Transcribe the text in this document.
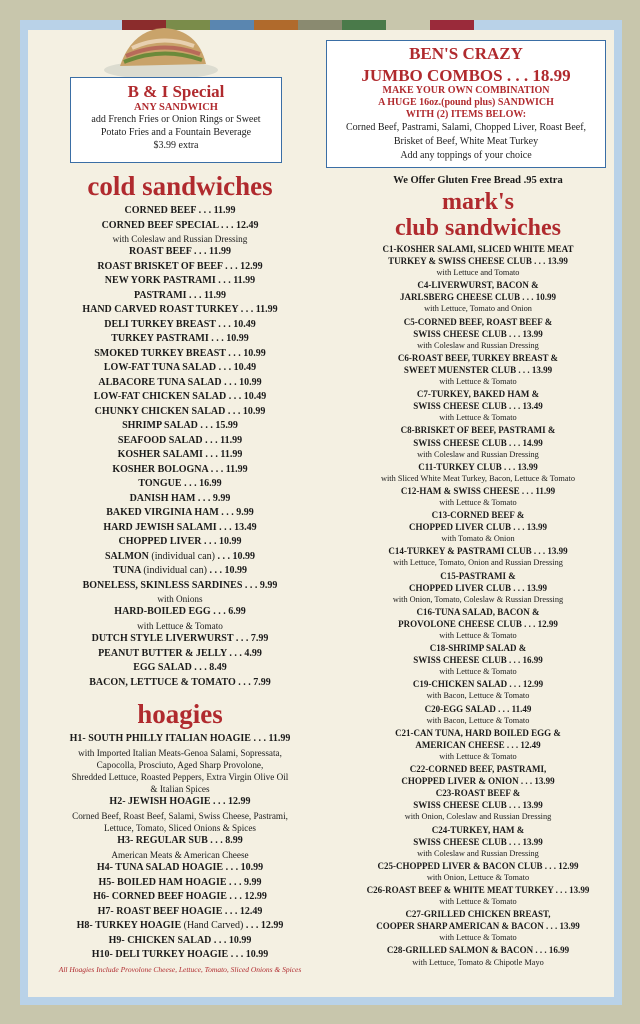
B & I Special
ANY SANDWICH
add French Fries or Onion Rings or Sweet
Potato Fries and a Fountain Beverage
$3.99 extra
BEN'S CRAZY
JUMBO COMBOS . . . 18.99
MAKE YOUR OWN COMBINATION
A HUGE 16oz.(pound plus) SANDWICH
WITH (2) ITEMS BELOW:
Corned Beef, Pastrami, Salami, Chopped Liver, Roast Beef,
Brisket of Beef, White Meat Turkey
Add any toppings of your choice
cold sandwiches
CORNED BEEF . . . 11.99
CORNED BEEF SPECIAL . . . 12.49
with Coleslaw and Russian Dressing
ROAST BEEF . . . 11.99
ROAST BRISKET OF BEEF . . . 12.99
NEW YORK PASTRAMI . . . 11.99
PASTRAMI . . . 11.99
HAND CARVED ROAST TURKEY . . . 11.99
DELI TURKEY BREAST . . . 10.49
TURKEY PASTRAMI . . . 10.99
SMOKED TURKEY BREAST . . . 10.99
LOW-FAT TUNA SALAD . . . 10.49
ALBACORE TUNA SALAD . . . 10.99
LOW-FAT CHICKEN SALAD . . . 10.49
CHUNKY CHICKEN SALAD . . . 10.99
SHRIMP SALAD . . . 15.99
SEAFOOD SALAD . . . 11.99
KOSHER SALAMI . . . 11.99
KOSHER BOLOGNA . . . 11.99
TONGUE . . . 16.99
DANISH HAM . . . 9.99
BAKED VIRGINIA HAM . . . 9.99
HARD JEWISH SALAMI . . . 13.49
CHOPPED LIVER . . . 10.99
SALMON (individual can) . . . 10.99
TUNA (individual can) . . . 10.99
BONELESS, SKINLESS SARDINES . . . 9.99
with Onions
HARD-BOILED EGG . . . 6.99
with Lettuce & Tomato
DUTCH STYLE LIVERWURST . . . 7.99
PEANUT BUTTER & JELLY . . . 4.99
EGG SALAD . . . 8.49
BACON, LETTUCE & TOMATO . . . 7.99
hoagies
H1- SOUTH PHILLY ITALIAN HOAGIE . . . 11.99
with Imported Italian Meats-Genoa Salami, Sopressata,
Capocolla, Prosciuto, Aged Sharp Provolone,
Shredded Lettuce, Roasted Peppers, Extra Virgin Olive Oil
& Italian Spices
H2- JEWISH HOAGIE . . . 12.99
Corned Beef, Roast Beef, Salami, Swiss Cheese, Pastrami,
Lettuce, Tomato, Sliced Onions & Spices
H3- REGULAR SUB . . . 8.99
American Meats & American Cheese
H4- TUNA SALAD HOAGIE . . . 10.99
H5- BOILED HAM HOAGIE . . . 9.99
H6- CORNED BEEF HOAGIE . . . 12.99
H7- ROAST BEEF HOAGIE . . . 12.49
H8- TURKEY HOAGIE (Hand Carved) . . . 12.99
H9- CHICKEN SALAD . . . 10.99
H10- DELI TURKEY HOAGIE . . . 10.99
All Hoagies Include Provolone Cheese, Lettuce, Tomato, Sliced Onions & Spices
We Offer Gluten Free Bread .95 extra
mark's
club sandwiches
C1-KOSHER SALAMI, SLICED WHITE MEAT
TURKEY & SWISS CHEESE CLUB . . . 13.99
with Lettuce and Tomato
C4-LIVERWURST, BACON &
JARLSBERG CHEESE CLUB . . . 10.99
with Lettuce, Tomato and Onion
C5-CORNED BEEF, ROAST BEEF &
SWISS CHEESE CLUB . . . 13.99
with Coleslaw and Russian Dressing
C6-ROAST BEEF, TURKEY BREAST &
SWEET MUENSTER CLUB . . . 13.99
with Lettuce & Tomato
C7-TURKEY, BAKED HAM &
SWISS CHEESE CLUB . . . 13.49
with Lettuce & Tomato
C8-BRISKET OF BEEF, PASTRAMI &
SWISS CHEESE CLUB . . . 14.99
with Coleslaw and Russian Dressing
C11-TURKEY CLUB . . . 13.99
with Sliced White Meat Turkey, Bacon, Lettuce & Tomato
C12-HAM & SWISS CHEESE . . . 11.99
with Lettuce & Tomato
C13-CORNED BEEF &
CHOPPED LIVER CLUB . . . 13.99
with Tomato & Onion
C14-TURKEY & PASTRAMI CLUB . . . 13.99
with Lettuce, Tomato, Onion and Russian Dressing
C15-PASTRAMI &
CHOPPED LIVER CLUB . . . 13.99
with Onion, Tomato, Coleslaw & Russian Dressing
C16-TUNA SALAD, BACON &
PROVOLONE CHEESE CLUB . . . 12.99
with Lettuce & Tomato
C18-SHRIMP SALAD &
SWISS CHEESE CLUB . . . 16.99
with Lettuce & Tomato
C19-CHICKEN SALAD . . . 12.99
with Bacon, Lettuce & Tomato
C20-EGG SALAD . . . 11.49
with Bacon, Lettuce & Tomato
C21-CAN TUNA, HARD BOILED EGG &
AMERICAN CHEESE . . . 12.49
with Lettuce & Tomato
C22-CORNED BEEF, PASTRAMI,
CHOPPED LIVER & ONION . . . 13.99
C23-ROAST BEEF &
SWISS CHEESE CLUB . . . 13.99
with Onion, Coleslaw and Russian Dressing
C24-TURKEY, HAM &
SWISS CHEESE CLUB . . . 13.99
with Coleslaw and Russian Dressing
C25-CHOPPED LIVER & BACON CLUB . . . 12.99
with Onion, Lettuce & Tomato
C26-ROAST BEEF & WHITE MEAT TURKEY . . . 13.99
with Lettuce & Tomato
C27-GRILLED CHICKEN BREAST,
COOPER SHARP AMERICAN & BACON . . . 13.99
with Lettuce & Tomato
C28-GRILLED SALMON & BACON . . . 16.99
with Lettuce, Tomato & Chipotle Mayo
